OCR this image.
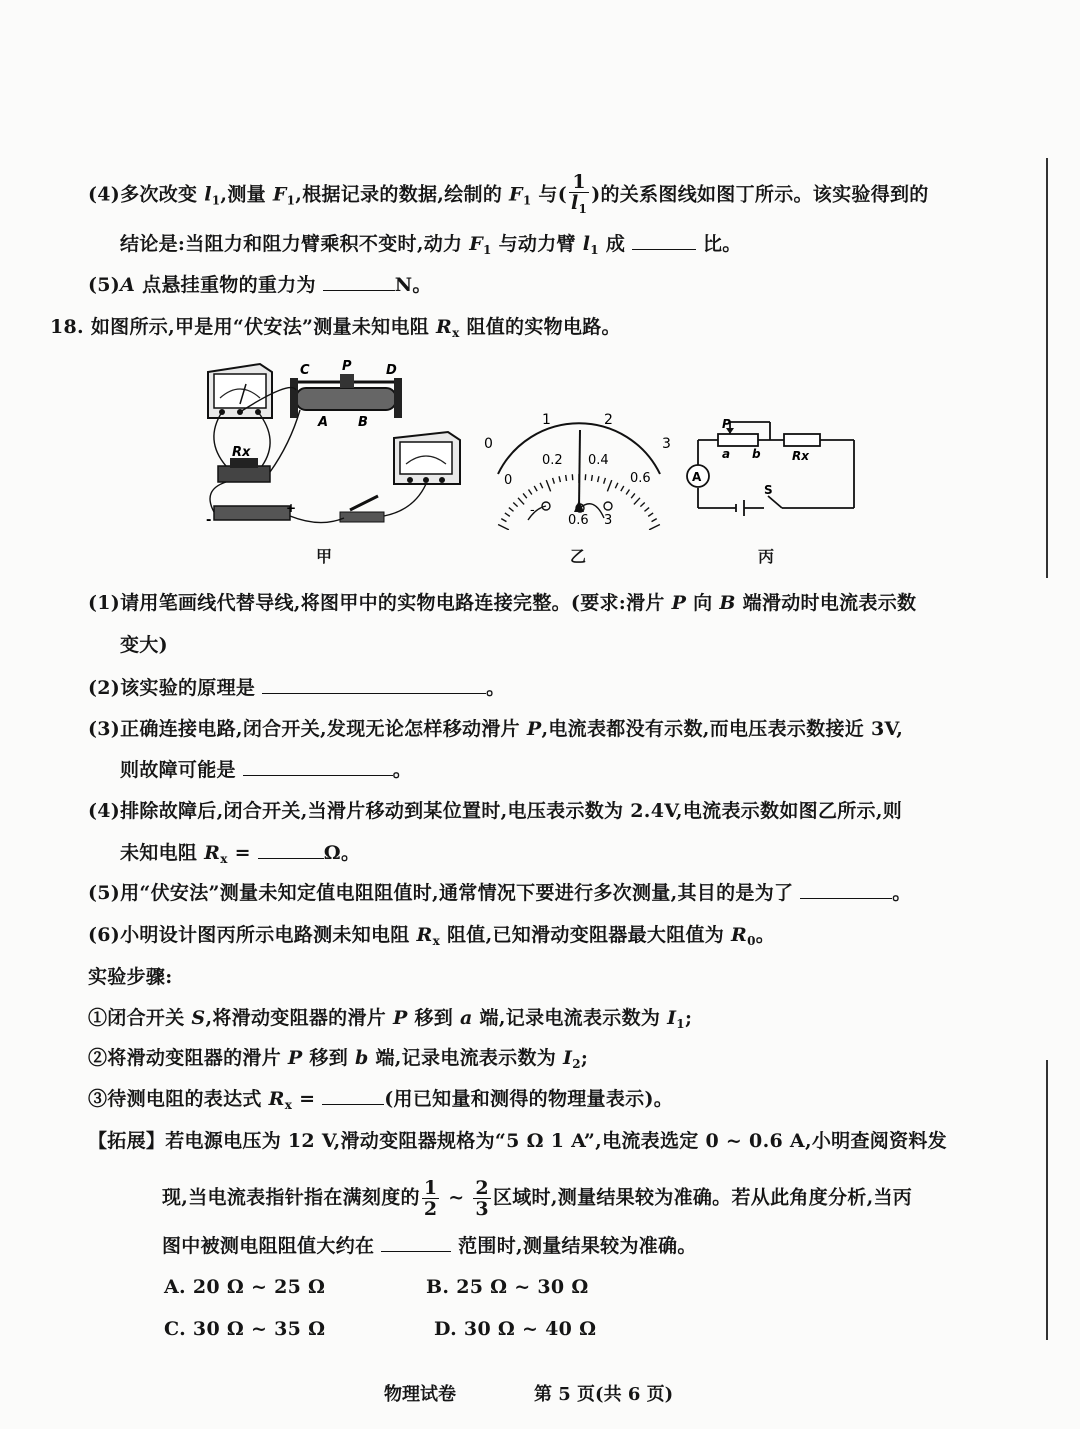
(4)多次改变 $l_1$,测量 $F_1$,根据记录的数据,绘制的 $F_1$ 与( $\frac{1}{l_1}$ )的关系图线如图丁所示。该实验得到的
结论是:当阻力和阻力臂乘积不变时,动力 $F_1$ 与动力臂 $l_1$ 成	比。
(5)A 点悬挂重物的重力为	N。
18. 如图所示,甲是用“伏安法”测量未知电阻 $R_x$ 阻值的实物电路。
C P	D
A B
Rx
-
+
甲
1	2
0	3
0
0.2 0.4
0.6
-
0.6 3
乙
A
P
a b	Rx
S
丙
(1)请用笔画线代替导线,将图甲中的实物电路连接完整。(要求:滑片 P 向 B 端滑动时电流表示数
变大)
(2)该实验的原理是	。
(3)正确连接电路,闭合开关,发现无论怎样移动滑片 P,电流表都没有示数,而电压表示数接近 3V,
则故障可能是	。
(4)排除故障后,闭合开关,当滑片移动到某位置时,电压表示数为 2.4V,电流表示数如图乙所示,则
未知电阻 $R_x$ =	Ω。
(5)用“伏安法”测量未知定值电阻阻值时,通常情况下要进行多次测量,其目的是为了	。
(6)小明设计图丙所示电路测未知电阻 $R_x$ 阻值,已知滑动变阻器最大阻值为 $R_0$。
实验步骤:
①闭合开关 S,将滑动变阻器的滑片 P 移到 a 端,记录电流表示数为 $I_1$;
②将滑动变阻器的滑片 P 移到 b 端,记录电流表示数为 $I_2$;
③待测电阻的表达式 $R_x$ =	(用已知量和测得的物理量表示)。
【拓展】若电源电压为 12 V,滑动变阻器规格为“5 Ω 1 A”,电流表选定 0 ~ 0.6 A,小明查阅资料发
现,当电流表指针指在满刻度的 $\frac{1}{2}$ ~ $\frac{2}{3}$ 区域时,测量结果较为准确。若从此角度分析,当丙
图中被测电阻阻值大约在	范围时,测量结果较为准确。
A. 20 Ω ~ 25 Ω	B. 25 Ω ~ 30 Ω
C. 30 Ω ~ 35 Ω	D. 30 Ω ~ 40 Ω
物理试卷	第 5 页(共 6 页)
